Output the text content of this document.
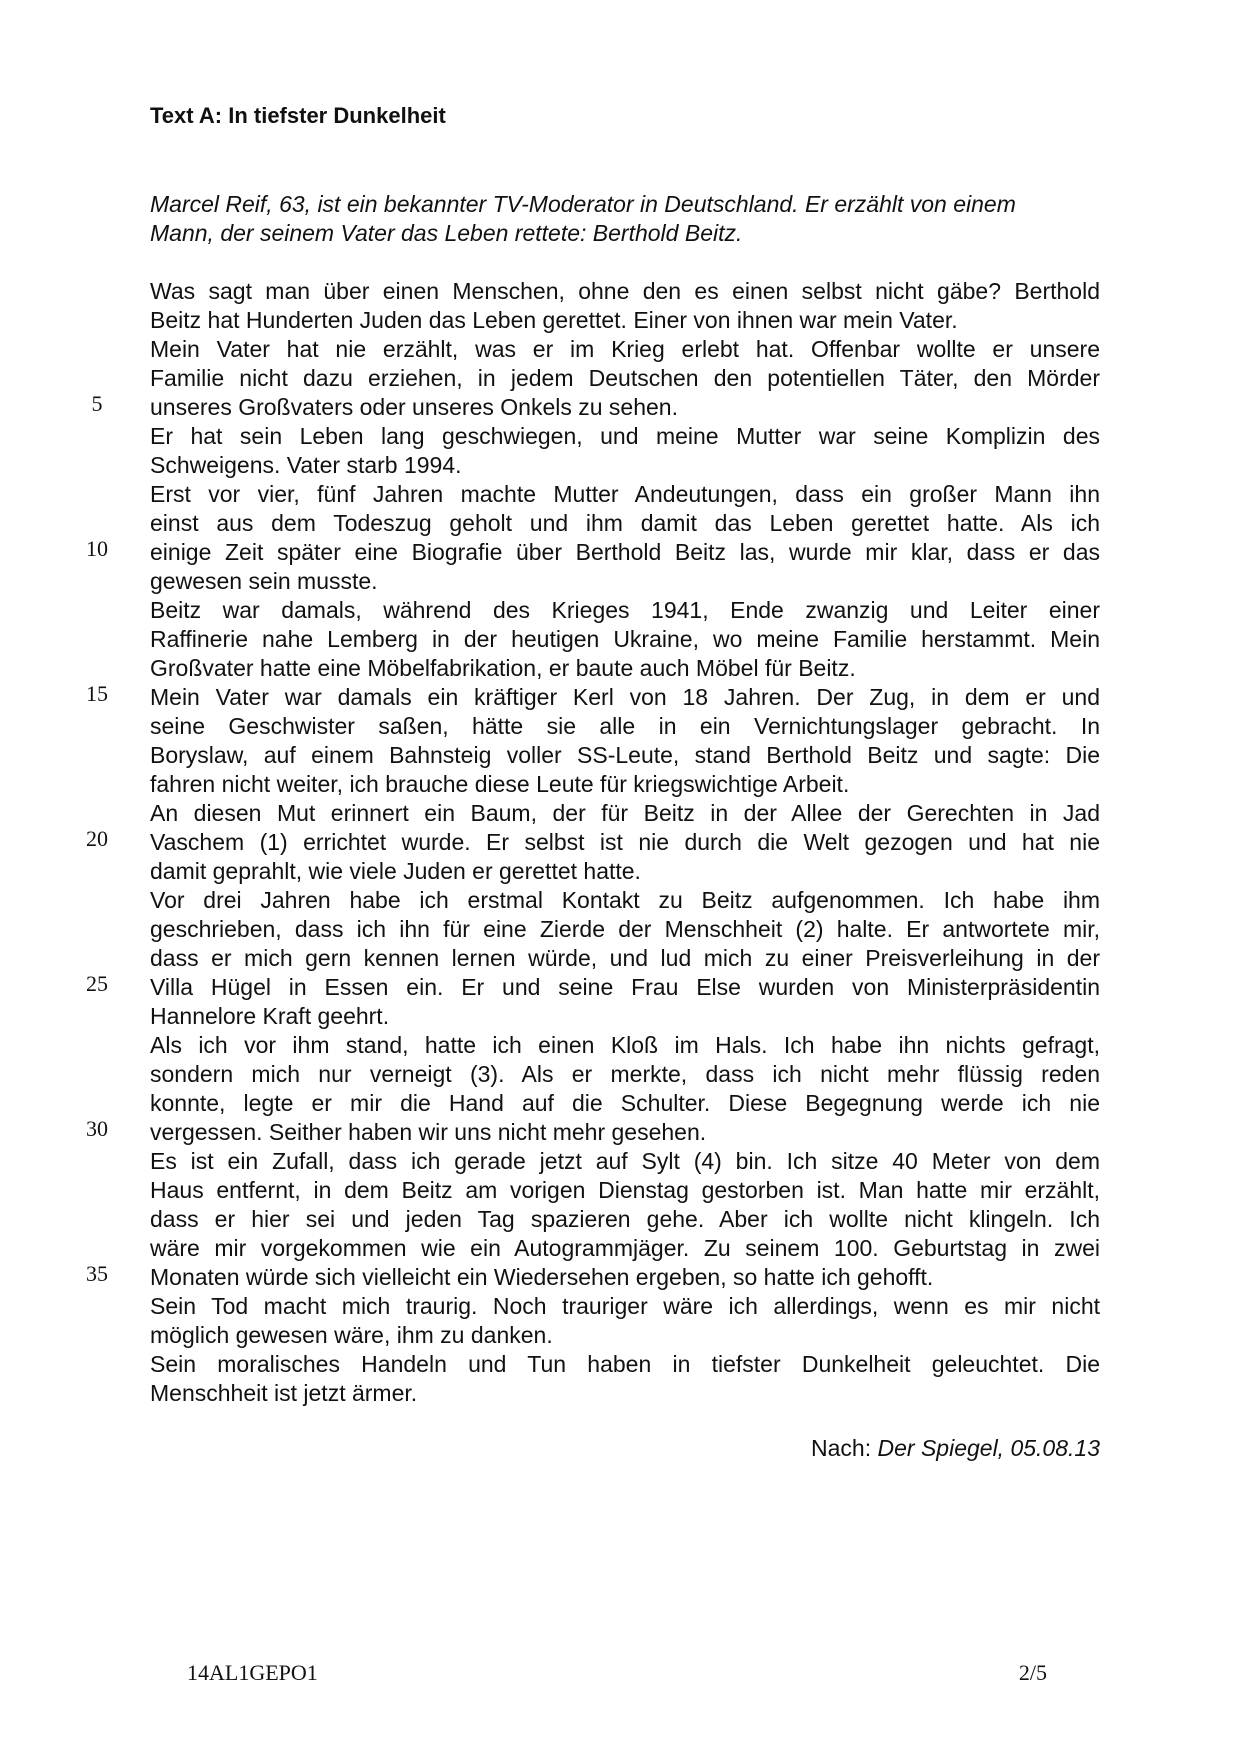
Text A: In tiefster Dunkelheit
Marcel Reif, 63, ist ein bekannter TV-Moderator in Deutschland. Er erzählt von einem
Mann, der seinem Vater das Leben rettete: Berthold Beitz.
Was sagt man über einen Menschen, ohne den es einen selbst nicht gäbe? Berthold
Beitz hat Hunderten Juden das Leben gerettet. Einer von ihnen war mein Vater.
Mein Vater hat nie erzählt, was er im Krieg erlebt hat. Offenbar wollte er unsere
Familie nicht dazu erziehen, in jedem Deutschen den potentiellen Täter, den Mörder
unseres Großvaters oder unseres Onkels zu sehen.
Er hat sein Leben lang geschwiegen, und meine Mutter war seine Komplizin des
Schweigens. Vater starb 1994.
Erst vor vier, fünf Jahren machte Mutter Andeutungen, dass ein großer Mann ihn
einst aus dem Todeszug geholt und ihm damit das Leben gerettet hatte. Als ich
einige Zeit später eine Biografie über Berthold Beitz las, wurde mir klar, dass er das
gewesen sein musste.
Beitz war damals, während des Krieges 1941, Ende zwanzig und Leiter einer
Raffinerie nahe Lemberg in der heutigen Ukraine, wo meine Familie herstammt. Mein
Großvater hatte eine Möbelfabrikation, er baute auch Möbel für Beitz.
Mein Vater war damals ein kräftiger Kerl von 18 Jahren. Der Zug, in dem er und
seine Geschwister saßen, hätte sie alle in ein Vernichtungslager gebracht. In
Boryslaw, auf einem Bahnsteig voller SS-Leute, stand Berthold Beitz und sagte: Die
fahren nicht weiter, ich brauche diese Leute für kriegswichtige Arbeit.
An diesen Mut erinnert ein Baum, der für Beitz in der Allee der Gerechten in Jad
Vaschem (1) errichtet wurde. Er selbst ist nie durch die Welt gezogen und hat nie
damit geprahlt, wie viele Juden er gerettet hatte.
Vor drei Jahren habe ich erstmal Kontakt zu Beitz aufgenommen. Ich habe ihm
geschrieben, dass ich ihn für eine Zierde der Menschheit (2) halte. Er antwortete mir,
dass er mich gern kennen lernen würde, und lud mich zu einer Preisverleihung in der
Villa Hügel in Essen ein. Er und seine Frau Else wurden von Ministerpräsidentin
Hannelore Kraft geehrt.
Als ich vor ihm stand, hatte ich einen Kloß im Hals. Ich habe ihn nichts gefragt,
sondern mich nur verneigt (3). Als er merkte, dass ich nicht mehr flüssig reden
konnte, legte er mir die Hand auf die Schulter. Diese Begegnung werde ich nie
vergessen. Seither haben wir uns nicht mehr gesehen.
Es ist ein Zufall, dass ich gerade jetzt auf Sylt (4) bin. Ich sitze 40 Meter von dem
Haus entfernt, in dem Beitz am vorigen Dienstag gestorben ist. Man hatte mir erzählt,
dass er hier sei und jeden Tag spazieren gehe. Aber ich wollte nicht klingeln. Ich
wäre mir vorgekommen wie ein Autogrammjäger. Zu seinem 100. Geburtstag in zwei
Monaten würde sich vielleicht ein Wiedersehen ergeben, so hatte ich gehofft.
Sein Tod macht mich traurig. Noch trauriger wäre ich allerdings, wenn es mir nicht
möglich gewesen wäre, ihm zu danken.
Sein moralisches Handeln und Tun haben in tiefster Dunkelheit geleuchtet. Die
Menschheit ist jetzt ärmer.
5
10
15
20
25
30
35
Nach: Der Spiegel, 05.08.13
14AL1GEPO1	2/5
